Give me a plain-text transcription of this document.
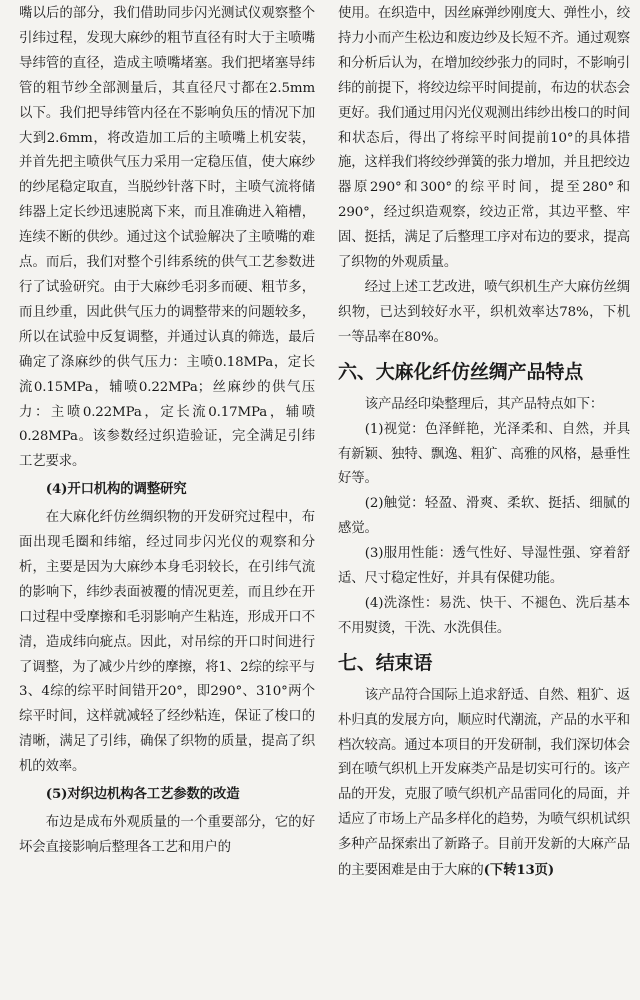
嘴以后的部分，我们借助同步闪光测试仪观察整个引纬过程，发现大麻纱的粗节直径有时大于主喷嘴导纬管的直径，造成主喷嘴堵塞。我们把堵塞导纬管的粗节纱全部测量后，其直径尺寸都在2.5mm以下。我们把导纬管内径在不影响负压的情况下加大到2.6mm，将改造加工后的主喷嘴上机安装，并首先把主喷供气压力采用一定稳压值，使大麻纱的纱尾稳定取直，当脱纱针落下时，主喷气流将储纬器上定长纱迅速脱离下来，而且准确进入箱槽，连续不断的供纱。通过这个试验解决了主喷嘴的难点。而后，我们对整个引纬系统的供气工艺参数进行了试验研究。由于大麻纱毛羽多而硬、粗节多，而且纱重，因此供气压力的调整带来的问题较多，所以在试验中反复调整，并通过认真的筛选，最后确定了涤麻纱的供气压力：主喷0.18MPa，定长流0.15MPa，辅喷0.22MPa；丝麻纱的供气压力：主喷0.22MPa，定长流0.17MPa，辅喷0.28MPa。该参数经过织造验证，完全满足引纬工艺要求。

(4)开口机构的调整研究

在大麻化纤仿丝绸织物的开发研究过程中，布面出现毛圈和纬缩，经过同步闪光仪的观察和分析，主要是因为大麻纱本身毛羽较长，在引纬气流的影响下，纬纱表面被覆的情况更差，而且纱在开口过程中受摩擦和毛羽影响产生粘连，形成开口不清，造成纬向疵点。因此，对吊综的开口时间进行了调整，为了减少片纱的摩擦，将1、2综的综平与3、4综的综平时间错开20°，即290°、310°两个综平时间，这样就减轻了经纱粘连，保证了梭口的清晰，满足了引纬，确保了织物的质量，提高了织机的效率。

(5)对织边机构各工艺参数的改造

布边是成布外观质量的一个重要部分，它的好坏会直接影响后整理各工艺和用户的

使用。在织造中，因丝麻弹纱刚度大、弹性小，绞持力小而产生松边和废边纱及长短不齐。通过观察和分析后认为，在增加绞纱张力的同时，不影响引纬的前提下，将绞边综平时间提前，布边的状态会更好。我们通过用闪光仪观测出纬纱出梭口的时间和状态后，得出了将综平时间提前10°的具体措施，这样我们将绞纱弹簧的张力增加，并且把绞边器原290°和300°的综平时间，提至280°和290°，经过织造观察，绞边正常，其边平整、牢固、挺括，满足了后整理工序对布边的要求，提高了织物的外观质量。

经过上述工艺改进，喷气织机生产大麻仿丝绸织物，已达到较好水平，织机效率达78%，下机一等品率在80%。

六、大麻化纤仿丝绸产品特点

该产品经印染整理后，其产品特点如下：

(1)视觉：色泽鲜艳，光泽柔和、自然，并具有新颖、独特、飘逸、粗犷、高雅的风格，悬垂性好等。

(2)触觉：轻盈、滑爽、柔软、挺括、细腻的感觉。

(3)服用性能：透气性好、导湿性强、穿着舒适、尺寸稳定性好，并具有保健功能。

(4)洗涤性：易洗、快干、不褪色、洗后基本不用熨烫，干洗、水洗俱佳。

七、结束语

该产品符合国际上追求舒适、自然、粗犷、返朴归真的发展方向，顺应时代潮流，产品的水平和档次较高。通过本项目的开发研制，我们深切体会到在喷气织机上开发麻类产品是切实可行的。该产品的开发，克服了喷气织机产品雷同化的局面，并适应了市场上产品多样化的趋势，为喷气织机试织多种产品探索出了新路子。目前开发新的大麻产品的主要困难是由于大麻的(下转13页)
